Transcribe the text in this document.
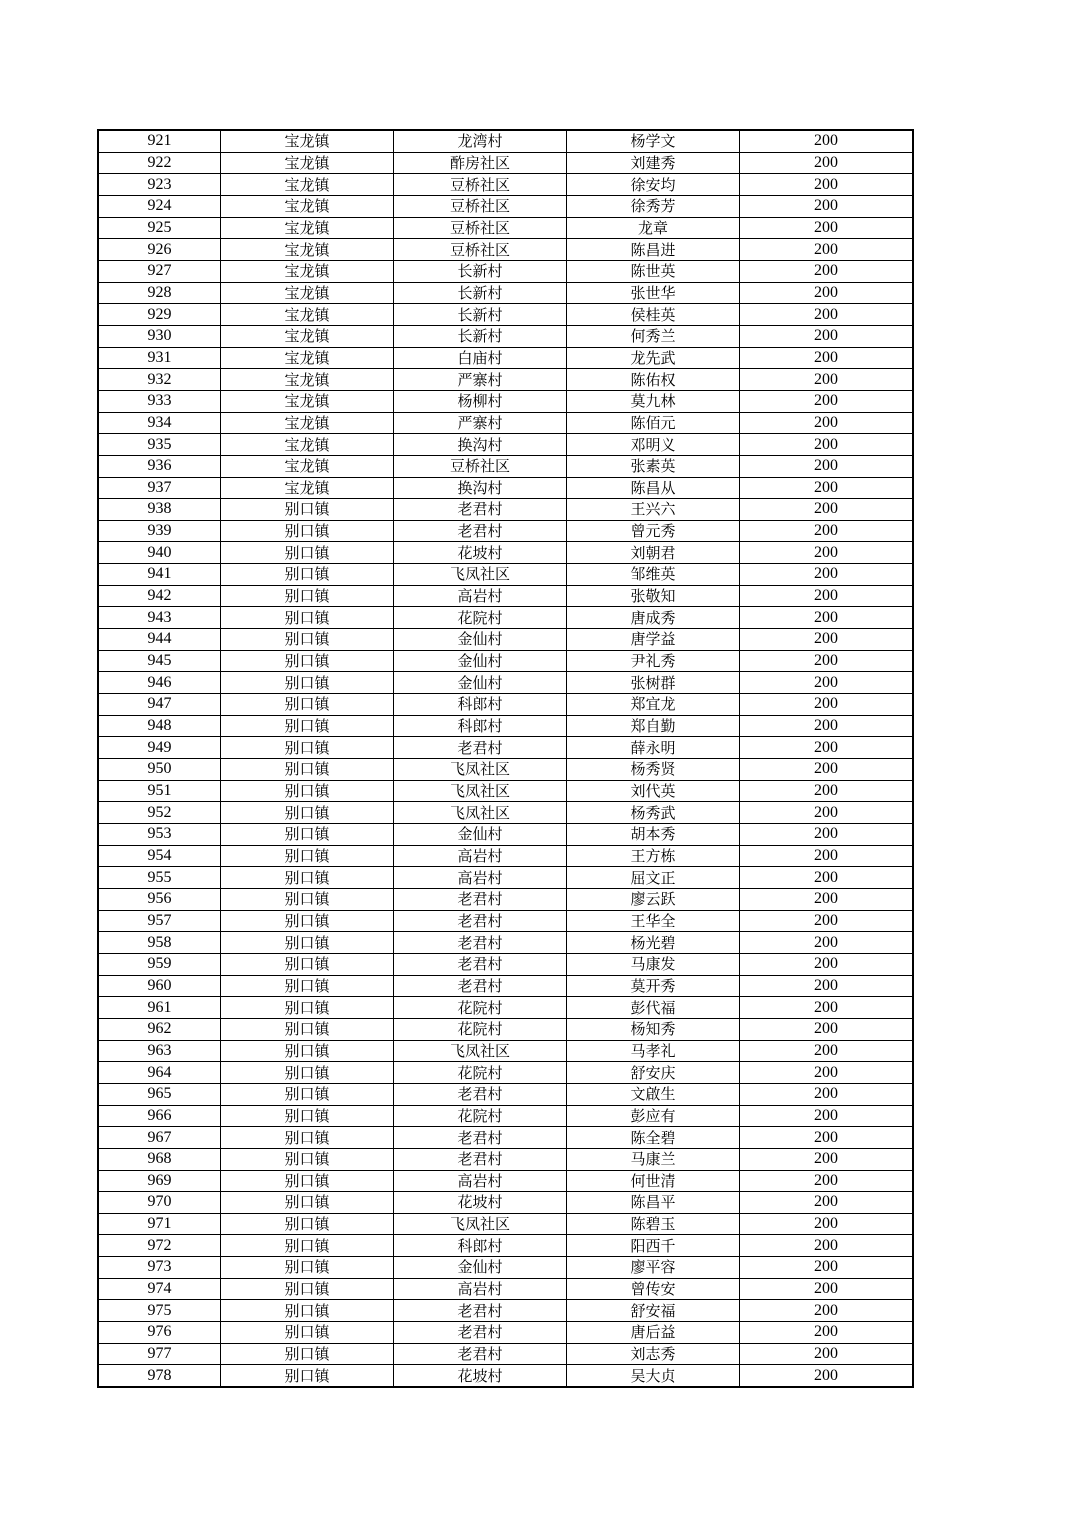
921	宝龙镇	龙湾村	杨学文	200
922	宝龙镇	酢房社区	刘建秀	200
923	宝龙镇	豆桥社区	徐安均	200
924	宝龙镇	豆桥社区	徐秀芳	200
925	宝龙镇	豆桥社区	龙章	200
926	宝龙镇	豆桥社区	陈昌进	200
927	宝龙镇	长新村	陈世英	200
928	宝龙镇	长新村	张世华	200
929	宝龙镇	长新村	侯桂英	200
930	宝龙镇	长新村	何秀兰	200
931	宝龙镇	白庙村	龙先武	200
932	宝龙镇	严寨村	陈佑权	200
933	宝龙镇	杨柳村	莫九林	200
934	宝龙镇	严寨村	陈佰元	200
935	宝龙镇	换沟村	邓明义	200
936	宝龙镇	豆桥社区	张素英	200
937	宝龙镇	换沟村	陈昌从	200
938	别口镇	老君村	王兴六	200
939	别口镇	老君村	曾元秀	200
940	别口镇	花坡村	刘朝君	200
941	别口镇	飞凤社区	邹维英	200
942	别口镇	高岩村	张敬知	200
943	别口镇	花院村	唐成秀	200
944	别口镇	金仙村	唐学益	200
945	别口镇	金仙村	尹礼秀	200
946	别口镇	金仙村	张树群	200
947	别口镇	科郎村	郑宜龙	200
948	别口镇	科郎村	郑自勤	200
949	别口镇	老君村	薛永明	200
950	别口镇	飞凤社区	杨秀贤	200
951	别口镇	飞凤社区	刘代英	200
952	别口镇	飞凤社区	杨秀武	200
953	别口镇	金仙村	胡本秀	200
954	别口镇	高岩村	王方栋	200
955	别口镇	高岩村	屈文正	200
956	别口镇	老君村	廖云跃	200
957	别口镇	老君村	王华全	200
958	别口镇	老君村	杨光碧	200
959	别口镇	老君村	马康发	200
960	别口镇	老君村	莫开秀	200
961	别口镇	花院村	彭代福	200
962	别口镇	花院村	杨知秀	200
963	别口镇	飞凤社区	马孝礼	200
964	别口镇	花院村	舒安庆	200
965	别口镇	老君村	文啟生	200
966	别口镇	花院村	彭应有	200
967	别口镇	老君村	陈全碧	200
968	别口镇	老君村	马康兰	200
969	别口镇	高岩村	何世清	200
970	别口镇	花坡村	陈昌平	200
971	别口镇	飞凤社区	陈碧玉	200
972	别口镇	科郎村	阳西千	200
973	别口镇	金仙村	廖平容	200
974	别口镇	高岩村	曾传安	200
975	别口镇	老君村	舒安福	200
976	别口镇	老君村	唐后益	200
977	别口镇	老君村	刘志秀	200
978	别口镇	花坡村	吴大贞	200
